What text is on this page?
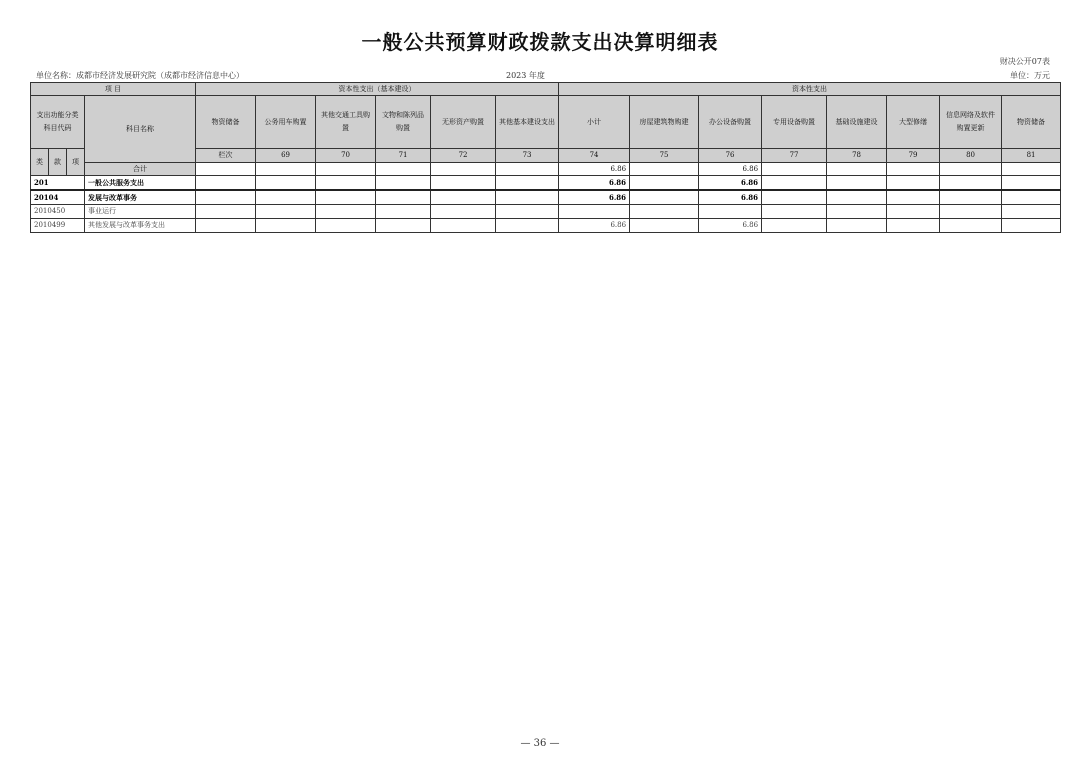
一般公共预算财政拨款支出决算明细表
财决公开07表
单位名称：成都市经济发展研究院（成都市经济信息中心）	2023 年度	单位：万元
项 目				资本性支出（基本建设）						资本性支出								
支出功能分类科目代码			科目名称	物资储备	公务用车购置	其他交通工具购置	文物和陈列品购置	无形资产购置	其他基本建设支出	小计	房屋建筑物购建	办公设备购置	专用设备购置	基础设施建设	大型修缮	信息网络及软件购置更新	物资储备	
类	款	项		栏次	69	70	71	72	73	74	75	76	77	78	79	80	81	
			合计							6.86		6.86						
201			一般公共服务支出							6.86		6.86						
20104			发展与改革事务							6.86		6.86						
2010450			事业运行															
2010499			其他发展与改革事务支出							6.86		6.86						
— 36 —
